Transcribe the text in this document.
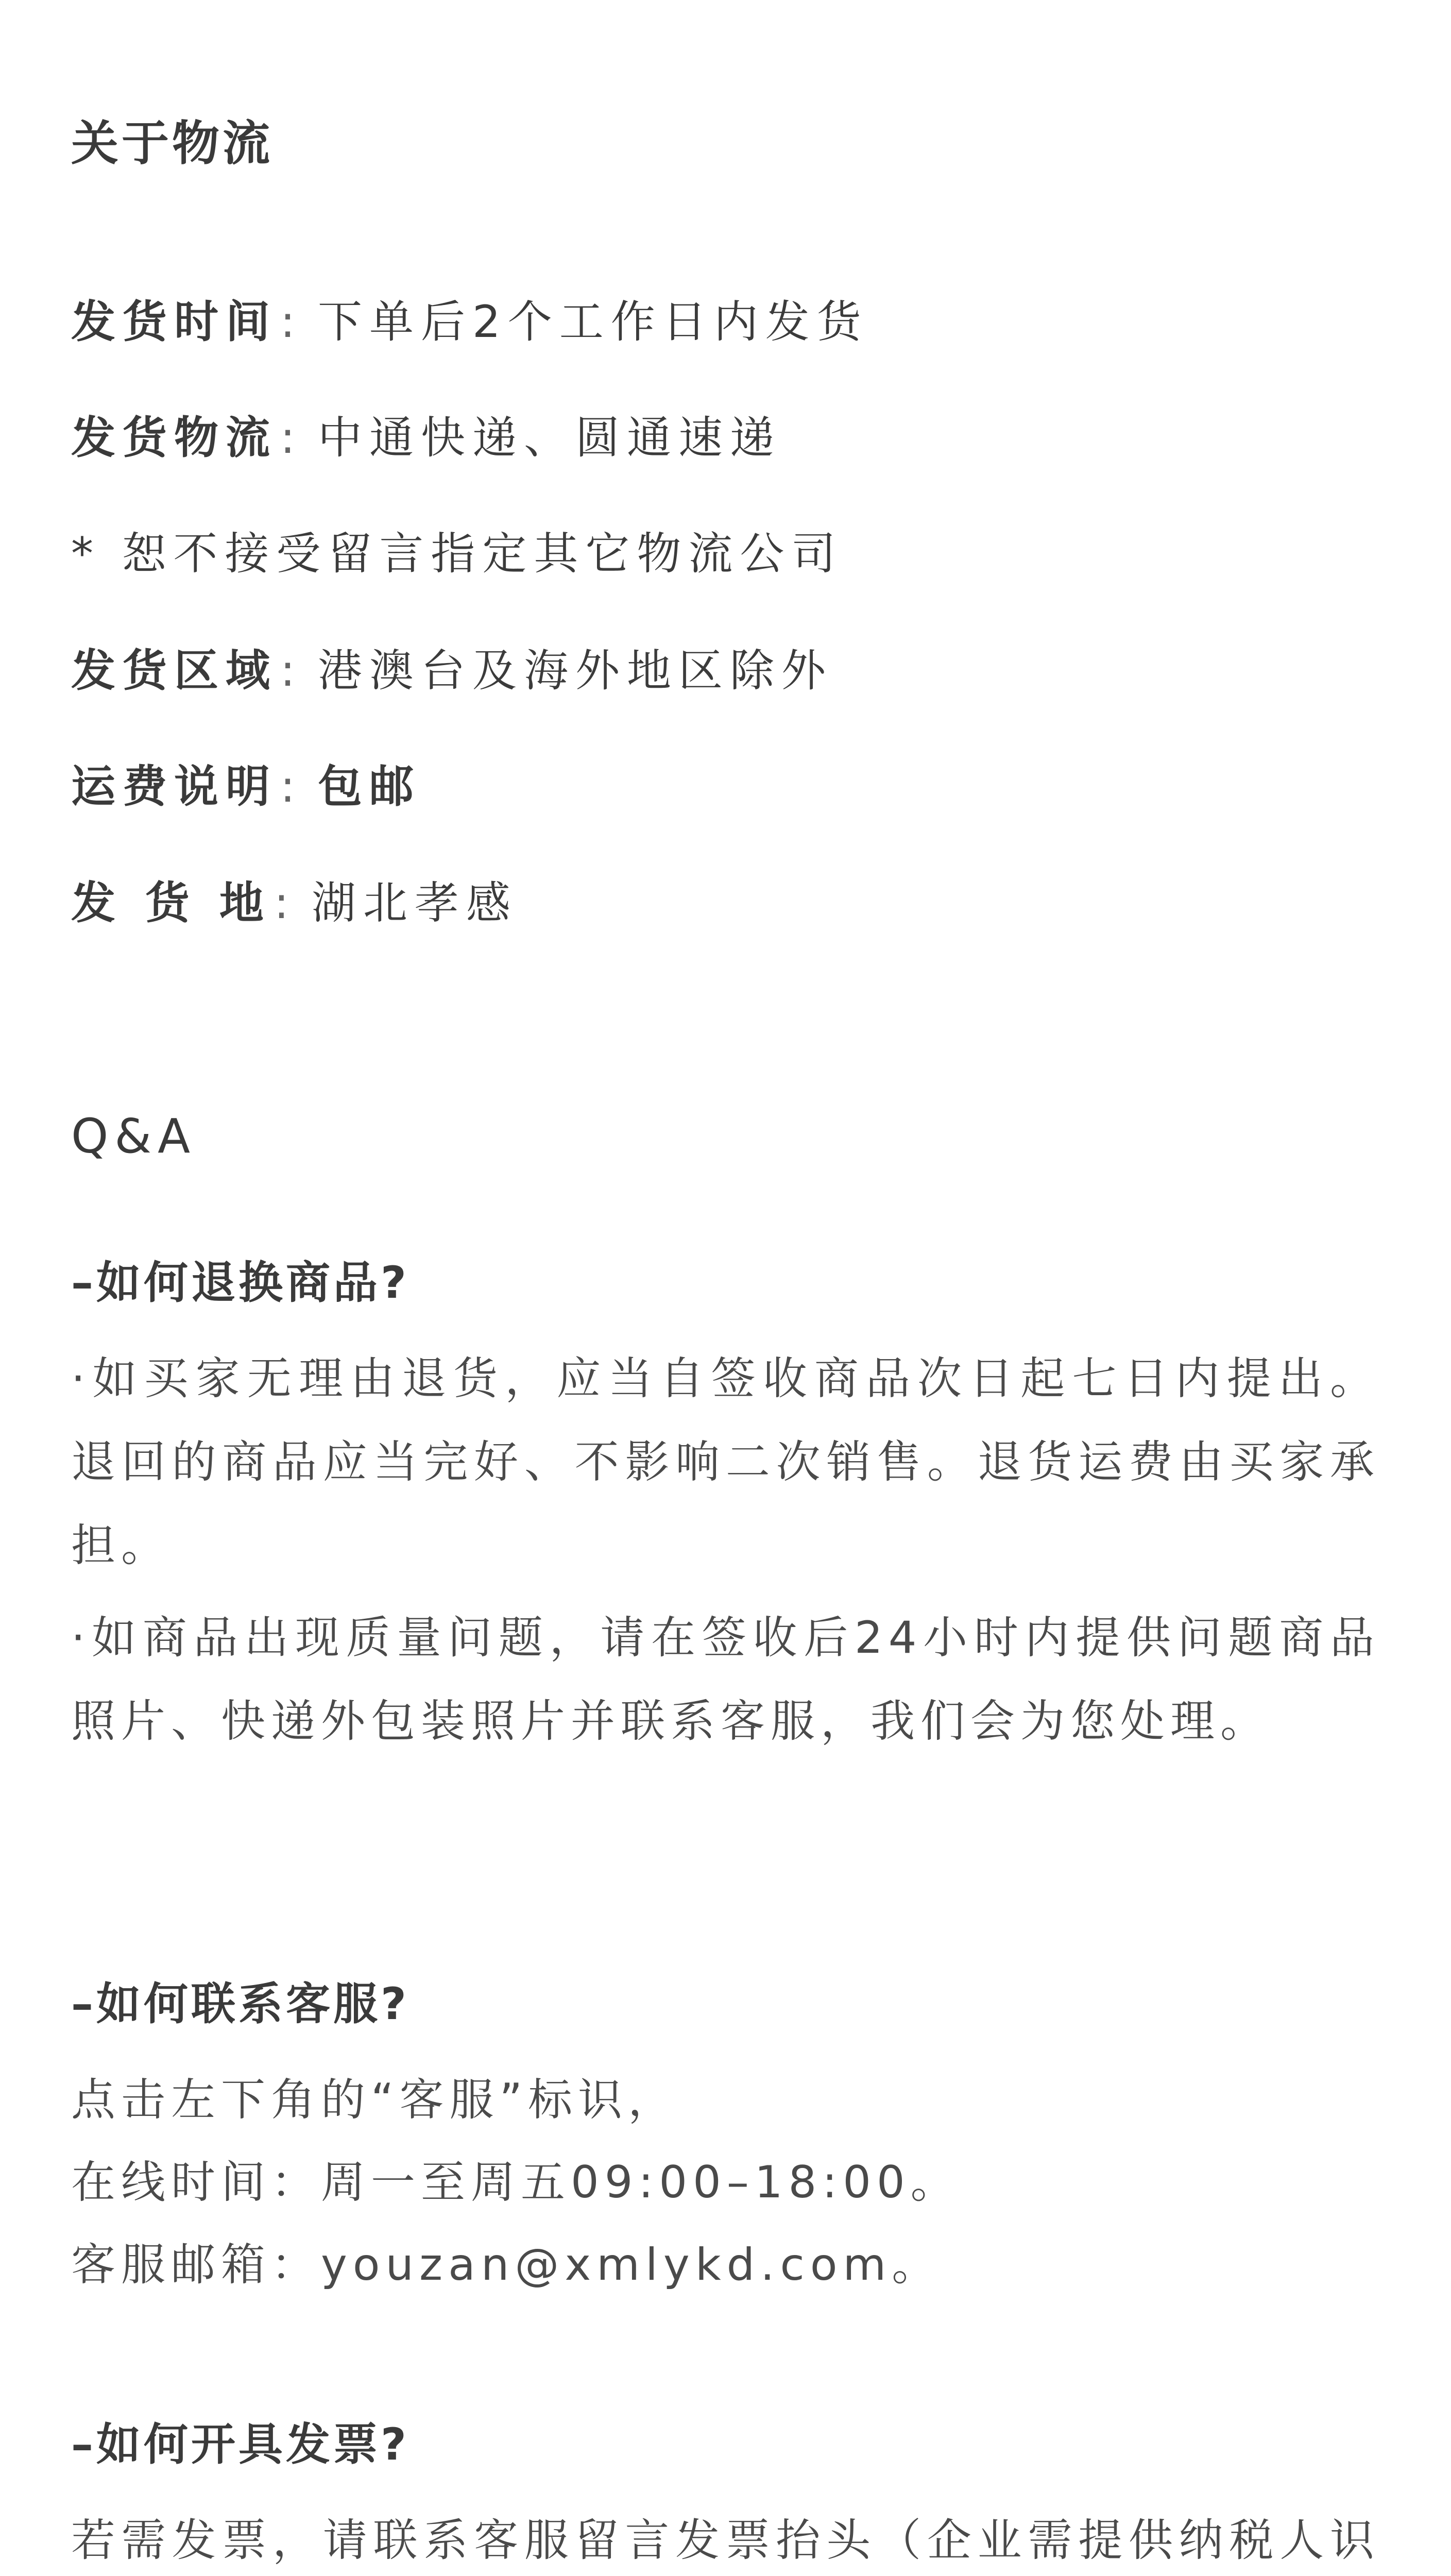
关于物流
发货时间: 下单后2个工作日内发货
发货物流: 中通快递、圆通速递
* 恕不接受留言指定其它物流公司
发货区域: 港澳台及海外地区除外
运费说明: 包邮
发 货 地: 湖北孝感
Q&A
–如何退换商品?
·如买家无理由退货，应当自签收商品次日起七日内提出。退回的商品应当完好、不影响二次销售。退货运费由买家承担。
·如商品出现质量问题，请在签收后24小时内提供问题商品照片、快递外包装照片并联系客服，我们会为您处理。
–如何联系客服?
点击左下角的“客服”标识，
在线时间：周一至周五09:00–18:00。
客服邮箱：youzan@xmlykd.com。
–如何开具发票?
若需发票，请联系客服留言发票抬头（企业需提供纳税人识
